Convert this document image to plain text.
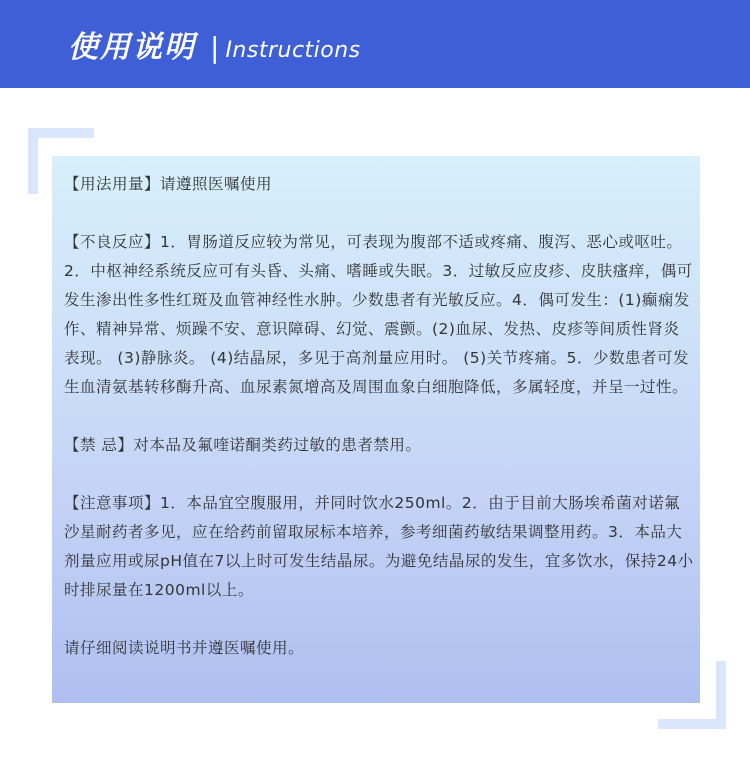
使用说明 | Instructions

【用法用量】请遵照医嘱使用

【不良反应】1．胃肠道反应较为常见，可表现为腹部不适或疼痛、腹泻、恶心或呕吐。2．中枢神经系统反应可有头昏、头痛、嗜睡或失眠。3．过敏反应皮疹、皮肤瘙痒，偶可发生渗出性多性红斑及血管神经性水肿。少数患者有光敏反应。4．偶可发生：(1)癫痫发作、精神异常、烦躁不安、意识障碍、幻觉、震颤。(2)血尿、发热、皮疹等间质性肾炎表现。 (3)静脉炎。 (4)结晶尿，多见于高剂量应用时。 (5)关节疼痛。5．少数患者可发生血清氨基转移酶升高、血尿素氮增高及周围血象白细胞降低，多属轻度，并呈一过性。

【禁 忌】对本品及氟喹诺酮类药过敏的患者禁用。

【注意事项】1．本品宜空腹服用，并同时饮水250ml。2．由于目前大肠埃希菌对诺氟沙星耐药者多见，应在给药前留取尿标本培养，参考细菌药敏结果调整用药。3．本品大剂量应用或尿pH值在7以上时可发生结晶尿。为避免结晶尿的发生，宜多饮水，保持24小时排尿量在1200ml以上。

请仔细阅读说明书并遵医嘱使用。
